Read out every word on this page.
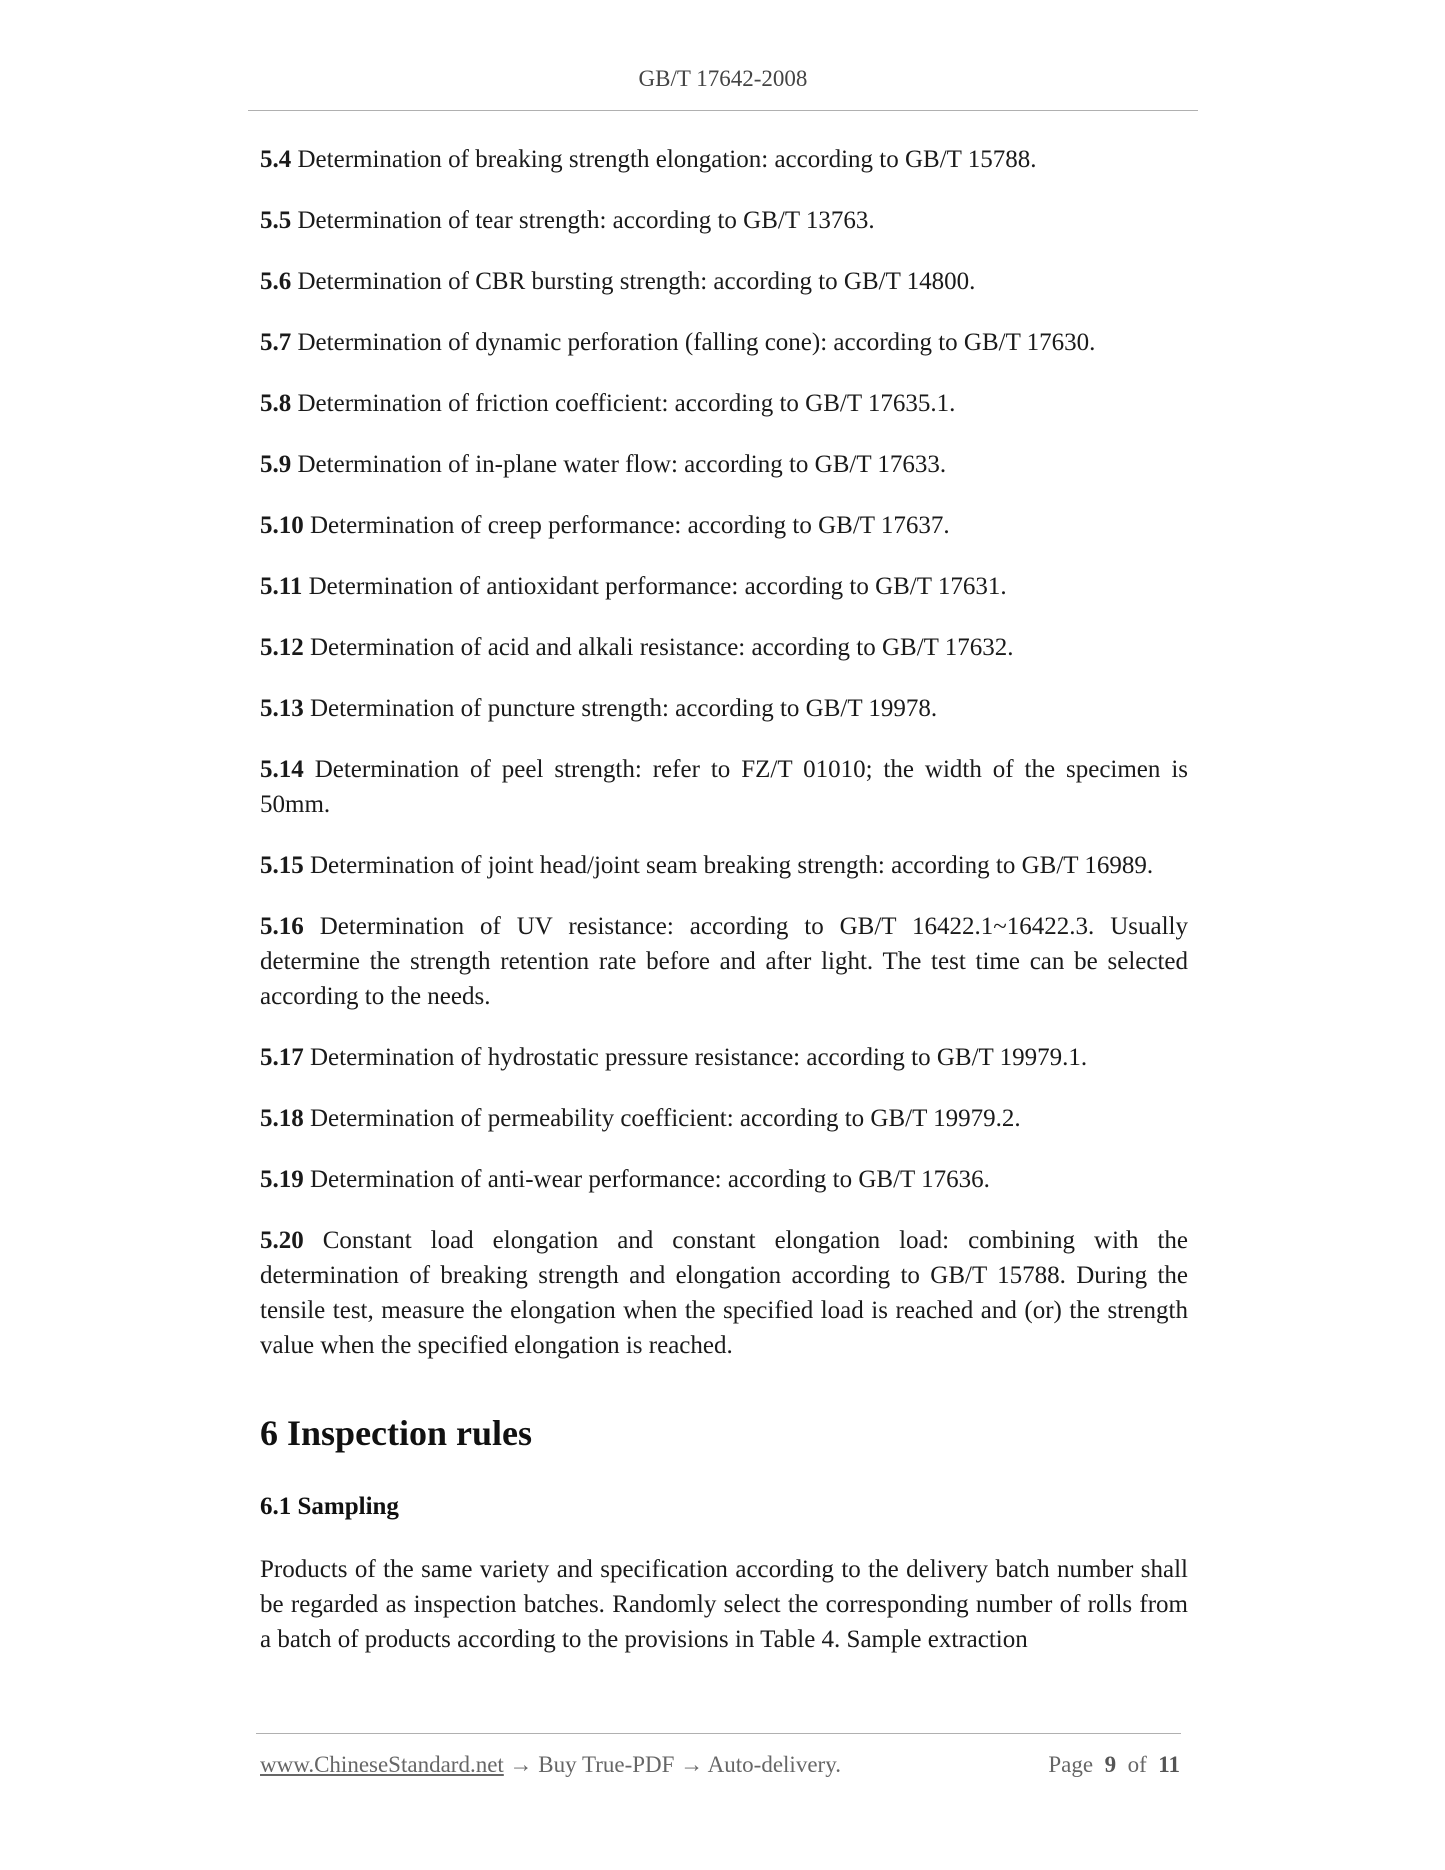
GB/T 17642-2008

5.4 Determination of breaking strength elongation: according to GB/T 15788.

5.5 Determination of tear strength: according to GB/T 13763.

5.6 Determination of CBR bursting strength: according to GB/T 14800.

5.7 Determination of dynamic perforation (falling cone): according to GB/T 17630.

5.8 Determination of friction coefficient: according to GB/T 17635.1.

5.9 Determination of in-plane water flow: according to GB/T 17633.

5.10 Determination of creep performance: according to GB/T 17637.

5.11 Determination of antioxidant performance: according to GB/T 17631.

5.12 Determination of acid and alkali resistance: according to GB/T 17632.

5.13 Determination of puncture strength: according to GB/T 19978.

5.14 Determination of peel strength: refer to FZ/T 01010; the width of the specimen is 50mm.

5.15 Determination of joint head/joint seam breaking strength: according to GB/T 16989.

5.16 Determination of UV resistance: according to GB/T 16422.1~16422.3. Usually determine the strength retention rate before and after light. The test time can be selected according to the needs.

5.17 Determination of hydrostatic pressure resistance: according to GB/T 19979.1.

5.18 Determination of permeability coefficient: according to GB/T 19979.2.

5.19 Determination of anti-wear performance: according to GB/T 17636.

5.20 Constant load elongation and constant elongation load: combining with the determination of breaking strength and elongation according to GB/T 15788. During the tensile test, measure the elongation when the specified load is reached and (or) the strength value when the specified elongation is reached.

6 Inspection rules
6.1 Sampling

Products of the same variety and specification according to the delivery batch number shall be regarded as inspection batches. Randomly select the corresponding number of rolls from a batch of products according to the provisions in Table 4. Sample extraction

www.ChineseStandard.net → Buy True-PDF → Auto-delivery.	Page 9 of 11
